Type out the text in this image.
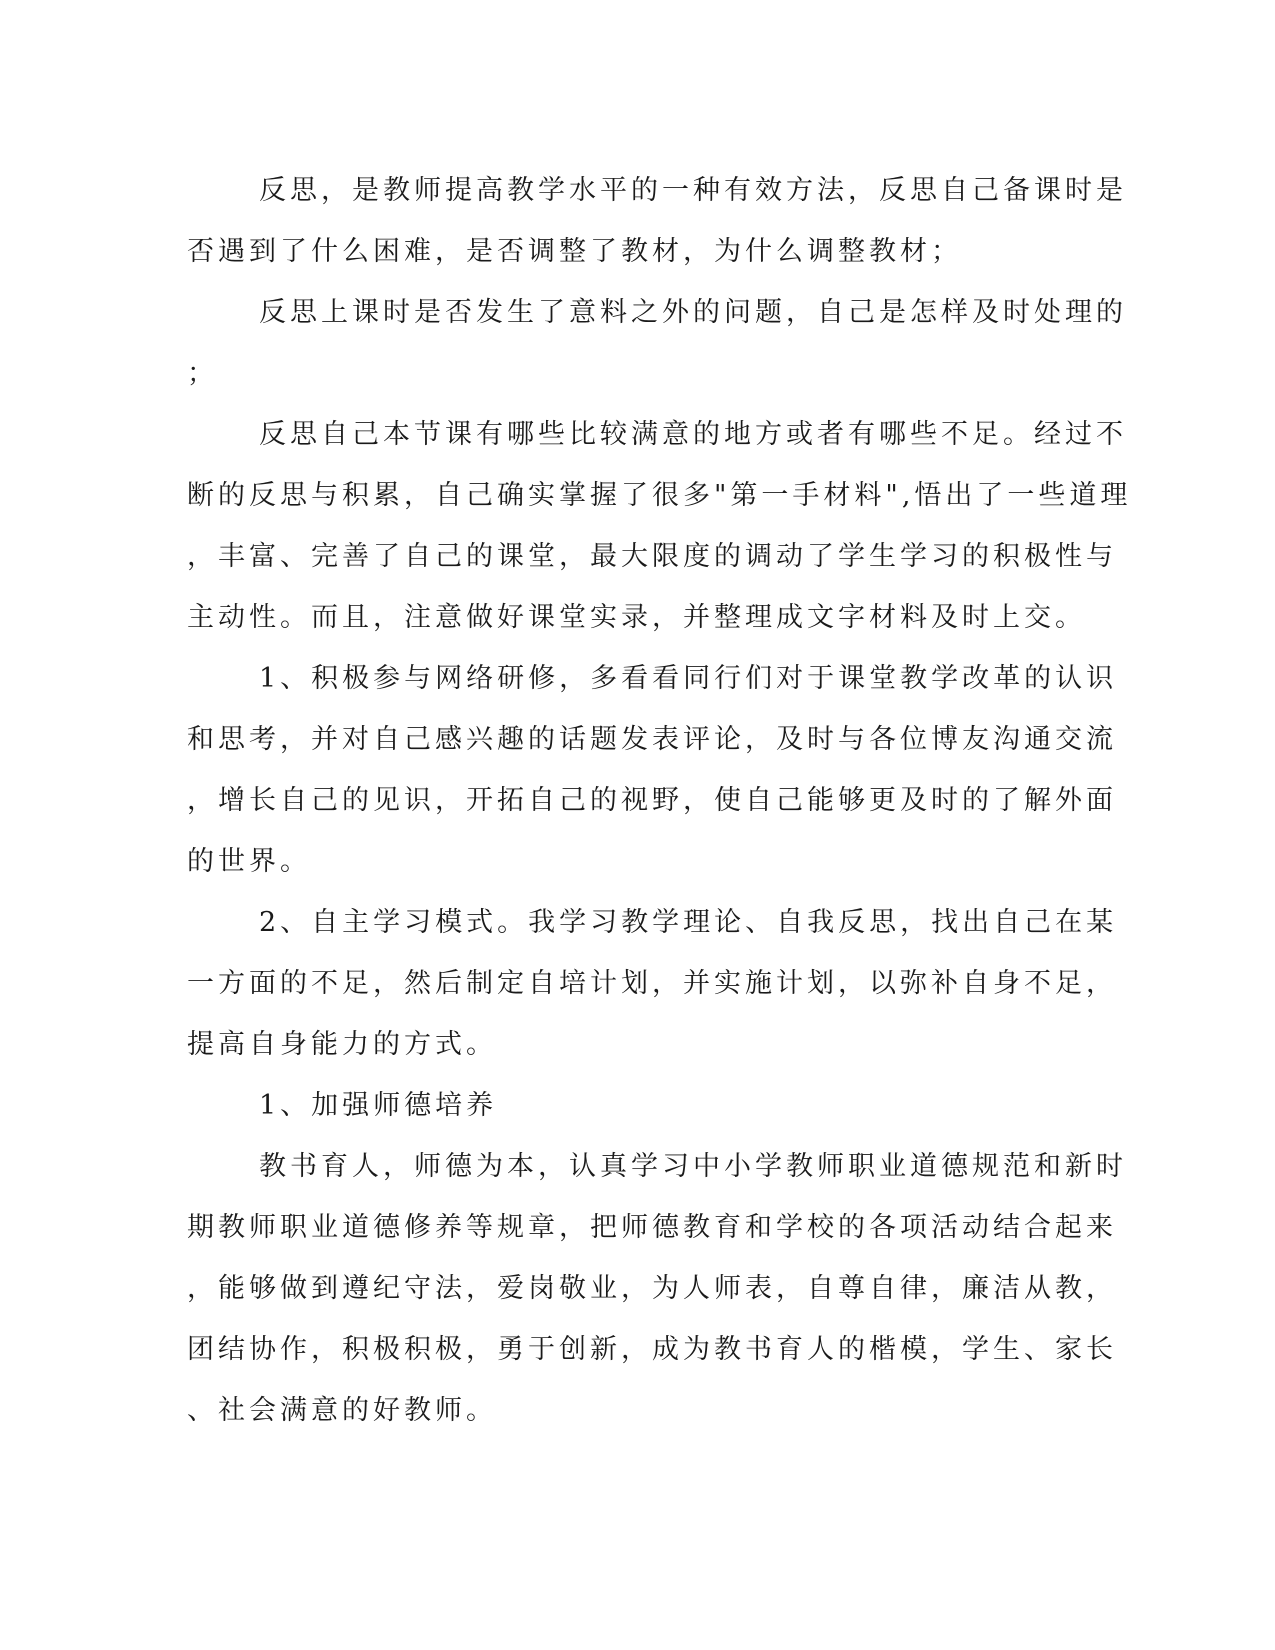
反思，是教师提高教学水平的一种有效方法，反思自己备课时是
否遇到了什么困难，是否调整了教材，为什么调整教材；
反思上课时是否发生了意料之外的问题，自己是怎样及时处理的
；
反思自己本节课有哪些比较满意的地方或者有哪些不足。经过不
断的反思与积累，自己确实掌握了很多"第一手材料",悟出了一些道理
，丰富、完善了自己的课堂，最大限度的调动了学生学习的积极性与
主动性。而且，注意做好课堂实录，并整理成文字材料及时上交。
1、积极参与网络研修，多看看同行们对于课堂教学改革的认识
和思考，并对自己感兴趣的话题发表评论，及时与各位博友沟通交流
，增长自己的见识，开拓自己的视野，使自己能够更及时的了解外面
的世界。
2、自主学习模式。我学习教学理论、自我反思，找出自己在某
一方面的不足，然后制定自培计划，并实施计划，以弥补自身不足，
提高自身能力的方式。
1、加强师德培养
教书育人，师德为本，认真学习中小学教师职业道德规范和新时
期教师职业道德修养等规章，把师德教育和学校的各项活动结合起来
，能够做到遵纪守法，爱岗敬业，为人师表，自尊自律，廉洁从教，
团结协作，积极积极，勇于创新，成为教书育人的楷模，学生、家长
、社会满意的好教师。
